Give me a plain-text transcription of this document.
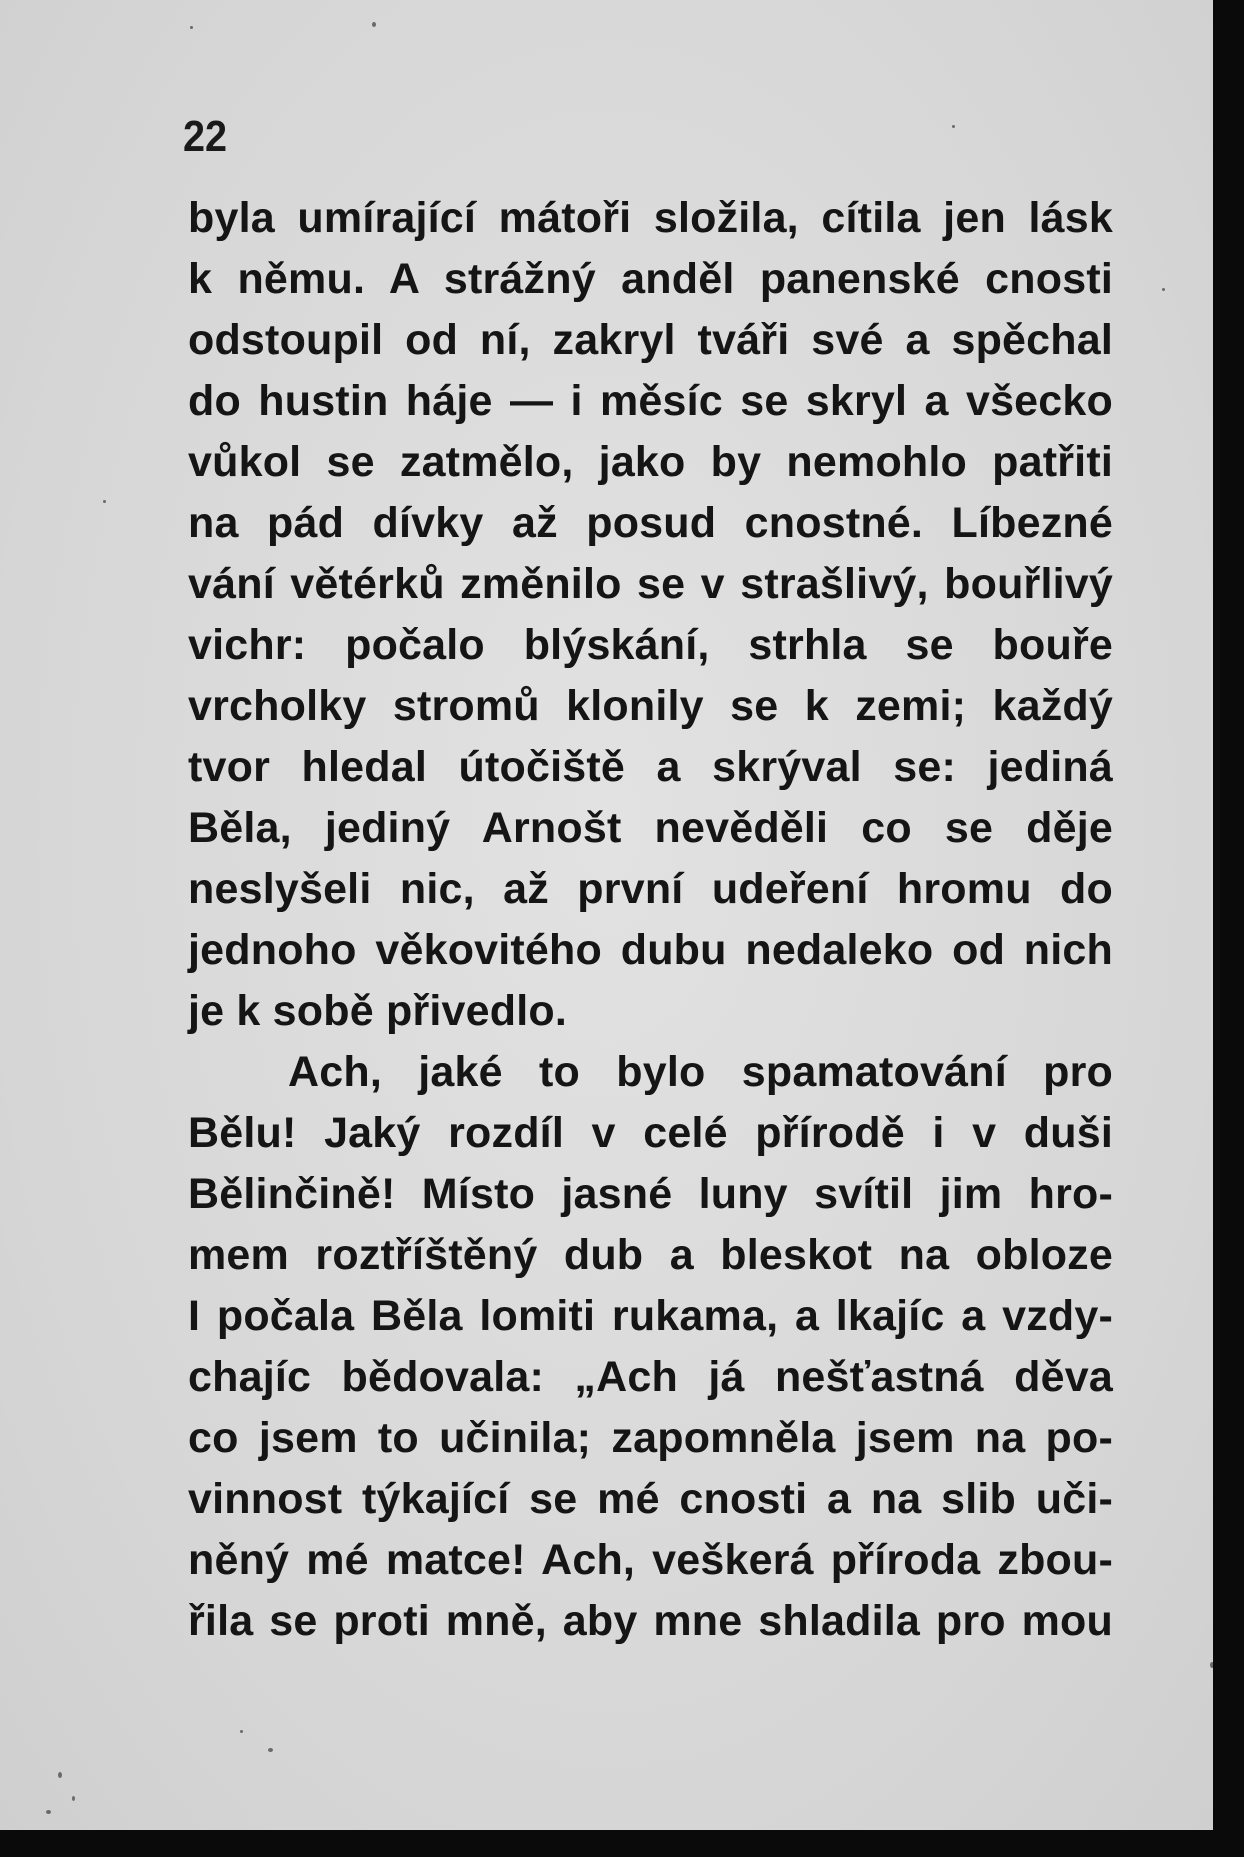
22
byla umírající mátoři složila, cítila jen lásk
k němu. A strážný anděl panenské cnosti
odstoupil od ní, zakryl tváři své a spěchal
do hustin háje — i měsíc se skryl a všecko
vůkol se zatmělo, jako by nemohlo patřiti
na pád dívky až posud cnostné. Líbezné
vání větérků změnilo se v strašlivý, bouřlivý
vichr: počalo blýskání, strhla se bouře
vrcholky stromů klonily se k zemi; každý
tvor hledal útočiště a skrýval se: jediná
Běla, jediný Arnošt nevěděli co se děje
neslyšeli nic, až první udeření hromu do
jednoho věkovitého dubu nedaleko od nich
je k sobě přivedlo.
Ach, jaké to bylo spamatování pro
Bělu! Jaký rozdíl v celé přírodě i v duši
Bělinčině! Místo jasné luny svítil jim hro-
mem roztříštěný dub a bleskot na obloze
I počala Běla lomiti rukama, a lkajíc a vzdy-
chajíc bědovala: „Ach já nešťastná děva
co jsem to učinila; zapomněla jsem na po-
vinnost týkající se mé cnosti a na slib uči-
něný mé matce! Ach, veškerá příroda zbou-
řila se proti mně, aby mne shladila pro mou
